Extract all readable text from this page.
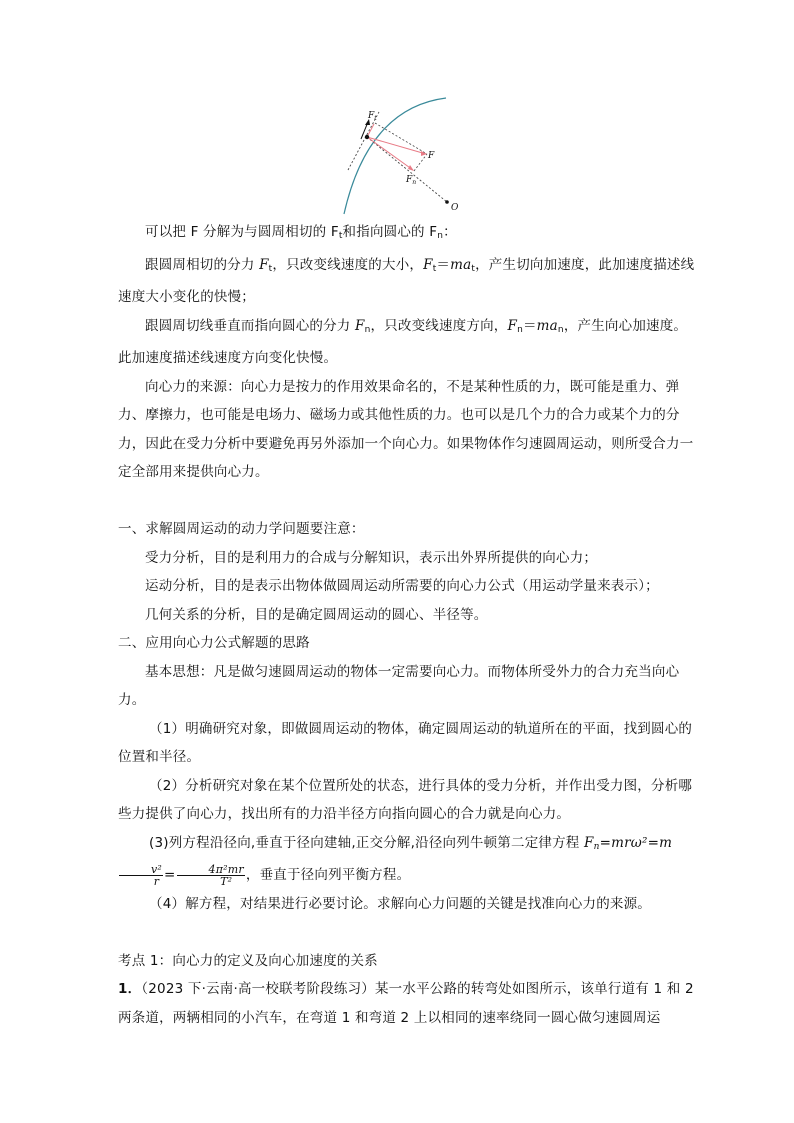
$F_t$
F
$F_n$
O

可以把 F 分解为与圆周相切的 $F_t$和指向圆心的 $F_n$：

跟圆周相切的分力 $F_t$，只改变线速度的大小，$F_t=ma_t$，产生切向加速度，此加速度描述线速度大小变化的快慢；

跟圆周切线垂直而指向圆心的分力 $F_n$，只改变线速度方向，$F_n=ma_n$，产生向心加速度。此加速度描述线速度方向变化快慢。

向心力的来源：向心力是按力的作用效果命名的，不是某种性质的力，既可能是重力、弹力、摩擦力，也可能是电场力、磁场力或其他性质的力。也可以是几个力的合力或某个力的分力，因此在受力分析中要避免再另外添加一个向心力。如果物体作匀速圆周运动，则所受合力一定全部用来提供向心力。

一、求解圆周运动的动力学问题要注意：

受力分析，目的是利用力的合成与分解知识，表示出外界所提供的向心力；

运动分析，目的是表示出物体做圆周运动所需要的向心力公式（用运动学量来表示）；

几何关系的分析，目的是确定圆周运动的圆心、半径等。

二、应用向心力公式解题的思路

基本思想：凡是做匀速圆周运动的物体一定需要向心力。而物体所受外力的合力充当向心力。

（1）明确研究对象，即做圆周运动的物体，确定圆周运动的轨道所在的平面，找到圆心的位置和半径。

（2）分析研究对象在某个位置所处的状态，进行具体的受力分析，并作出受力图，分析哪些力提供了向心力，找出所有的力沿半径方向指向圆心的合力就是向心力。

(3)列方程沿径向,垂直于径向建轴,正交分解,沿径向列牛顿第二定律方程 $F_n=mr\omega^2=m$
$\frac{\text{v²}}{r} = \frac{\text{4π²mr}}{\text{T²}}$ ，垂直于径向列平衡方程。

（4）解方程，对结果进行必要讨论。求解向心力问题的关键是找准向心力的来源。

考点 1：向心力的定义及向心加速度的关系

1．（2023 下·云南·高一校联考阶段练习）某一水平公路的转弯处如图所示，该单行道有 1 和 2 两条道，两辆相同的小汽车，在弯道 1 和弯道 2 上以相同的速率绕同一圆心做匀速圆周运
